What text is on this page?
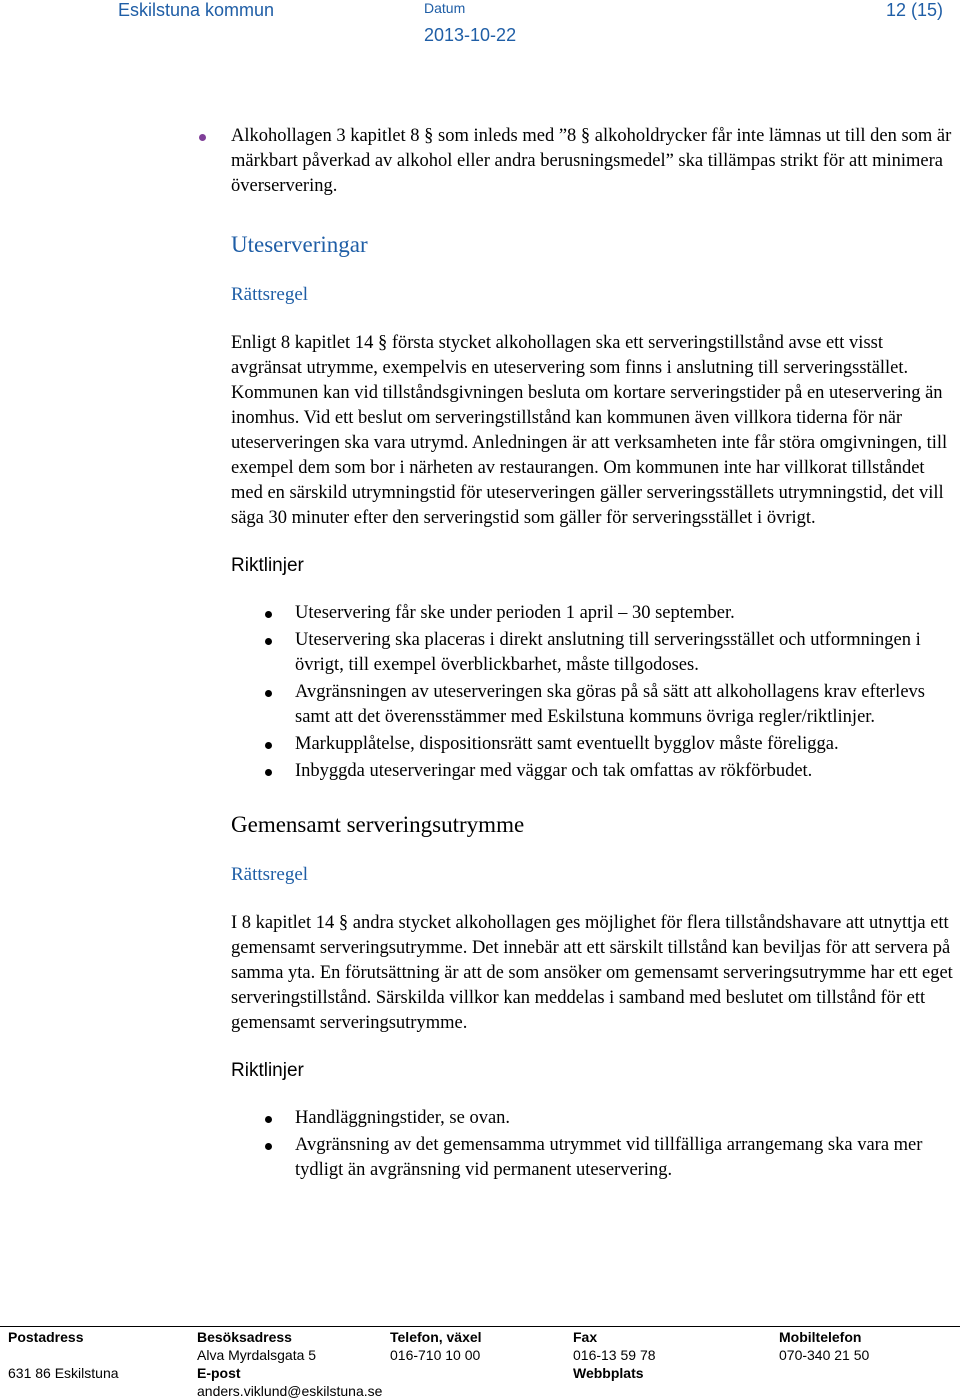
Eskilstuna kommun	Datum
2013-10-22
12 (15)
Alkohollagen 3 kapitlet 8 § som inleds med ”8 § alkoholdrycker får inte lämnas ut till den som är märkbart påverkad av alkohol eller andra berusningsmedel” ska tillämpas strikt för att minimera överservering.
Uteserveringar
Rättsregel

Enligt 8 kapitlet 14 § första stycket alkohollagen ska ett serveringstillstånd avse ett visst avgränsat utrymme, exempelvis en uteservering som finns i anslutning till serveringsstället. Kommunen kan vid tillståndsgivningen besluta om kortare serveringstider på en uteservering än inomhus. Vid ett beslut om serveringstillstånd kan kommunen även villkora tiderna för när uteserveringen ska vara utrymd. Anledningen är att verksamheten inte får störa omgivningen, till exempel dem som bor i närheten av restaurangen. Om kommunen inte har villkorat tillståndet med en särskild utrymningstid för uteserveringen gäller serveringsställets utrymningstid, det vill säga 30 minuter efter den serveringstid som gäller för serveringsstället i övrigt.

Riktlinjer
Uteservering får ske under perioden 1 april – 30 september.
Uteservering ska placeras i direkt anslutning till serveringsstället och utformningen i övrigt, till exempel överblickbarhet, måste tillgodoses.
Avgränsningen av uteserveringen ska göras på så sätt att alkohollagens krav efterlevs samt att det överensstämmer med Eskilstuna kommuns övriga regler/riktlinjer.
Markupplåtelse, dispositionsrätt samt eventuellt bygglov måste föreligga.
Inbyggda uteserveringar med väggar och tak omfattas av rökförbudet.
Gemensamt serveringsutrymme
Rättsregel

I 8 kapitlet 14 § andra stycket alkohollagen ges möjlighet för flera tillståndshavare att utnyttja ett gemensamt serveringsutrymme. Det innebär att ett särskilt tillstånd kan beviljas för att servera på samma yta. En förutsättning är att de som ansöker om gemensamt serveringsutrymme har ett eget serveringstillstånd. Särskilda villkor kan meddelas i samband med beslutet om tillstånd för ett gemensamt serveringsutrymme.

Riktlinjer
Handläggningstider, se ovan.
Avgränsning av det gemensamma utrymmet vid tillfälliga arrangemang ska vara mer tydligt än avgränsning vid permanent uteservering.
Postadress
631 86 Eskilstuna
Besöksadress
Alva Myrdalsgata 5
E-post
anders.viklund@eskilstuna.se
Telefon, växel
016-710 10 00
Fax
016-13 59 78
Webbplats
Mobiltelefon
070-340 21 50
